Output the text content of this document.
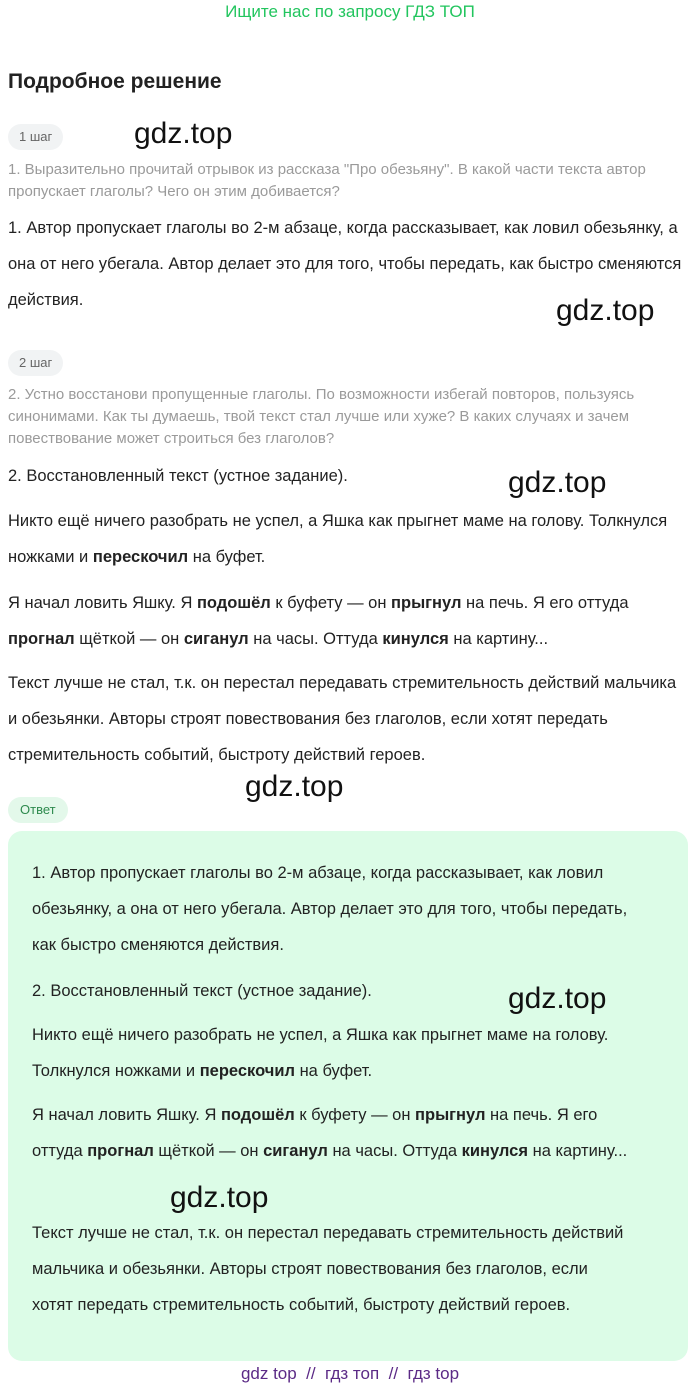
Ищите нас по запросу ГДЗ ТОП
Подробное решение
1 шаг	gdz.top

1. Выразительно прочитай отрывок из рассказа "Про обезьяну". В какой части текста автор пропускает глаголы? Чего он этим добивается?

1. Автор пропускает глаголы во 2-м абзаце, когда рассказывает, как ловил обезьянку, а она от него убегала. Автор делает это для того, чтобы передать, как быстро сменяются действия.	gdz.top
2 шаг

2. Устно восстанови пропущенные глаголы. По возможности избегай повторов, пользуясь синонимами. Как ты думаешь, твой текст стал лучше или хуже? В каких случаях и зачем повествование может строиться без глаголов?

2. Восстановленный текст (устное задание).

Никто ещё ничего разобрать не успел, а Яшка как прыгнет маме на голову. Толкнулся ножками и перескочил на буфет.

Я начал ловить Яшку. Я подошёл к буфету — он прыгнул на печь. Я его оттуда прогнал щёткой — он сиганул на часы. Оттуда кинулся на картину...

Текст лучше не стал, т.к. он перестал передавать стремительность действий мальчика и обезьянки. Авторы строят повествования без глаголов, если хотят передать стремительность событий, быстроту действий героев.

gdz.top
gdz.top
Ответ

1. Автор пропускает глаголы во 2-м абзаце, когда рассказывает, как ловил обезьянку, а она от него убегала. Автор делает это для того, чтобы передать, как быстро сменяются действия.

2. Восстановленный текст (устное задание).

Никто ещё ничего разобрать не успел, а Яшка как прыгнет маме на голову. Толкнулся ножками и перескочил на буфет.

Я начал ловить Яшку. Я подошёл к буфету — он прыгнул на печь. Я его оттуда прогнал щёткой — он сиганул на часы. Оттуда кинулся на картину...

Текст лучше не стал, т.к. он перестал передавать стремительность действий мальчика и обезьянки. Авторы строят повествования без глаголов, если хотят передать стремительность событий, быстроту действий героев.

gdz.top
gdz.top
gdz top  //  гдз топ  //  гдз top
